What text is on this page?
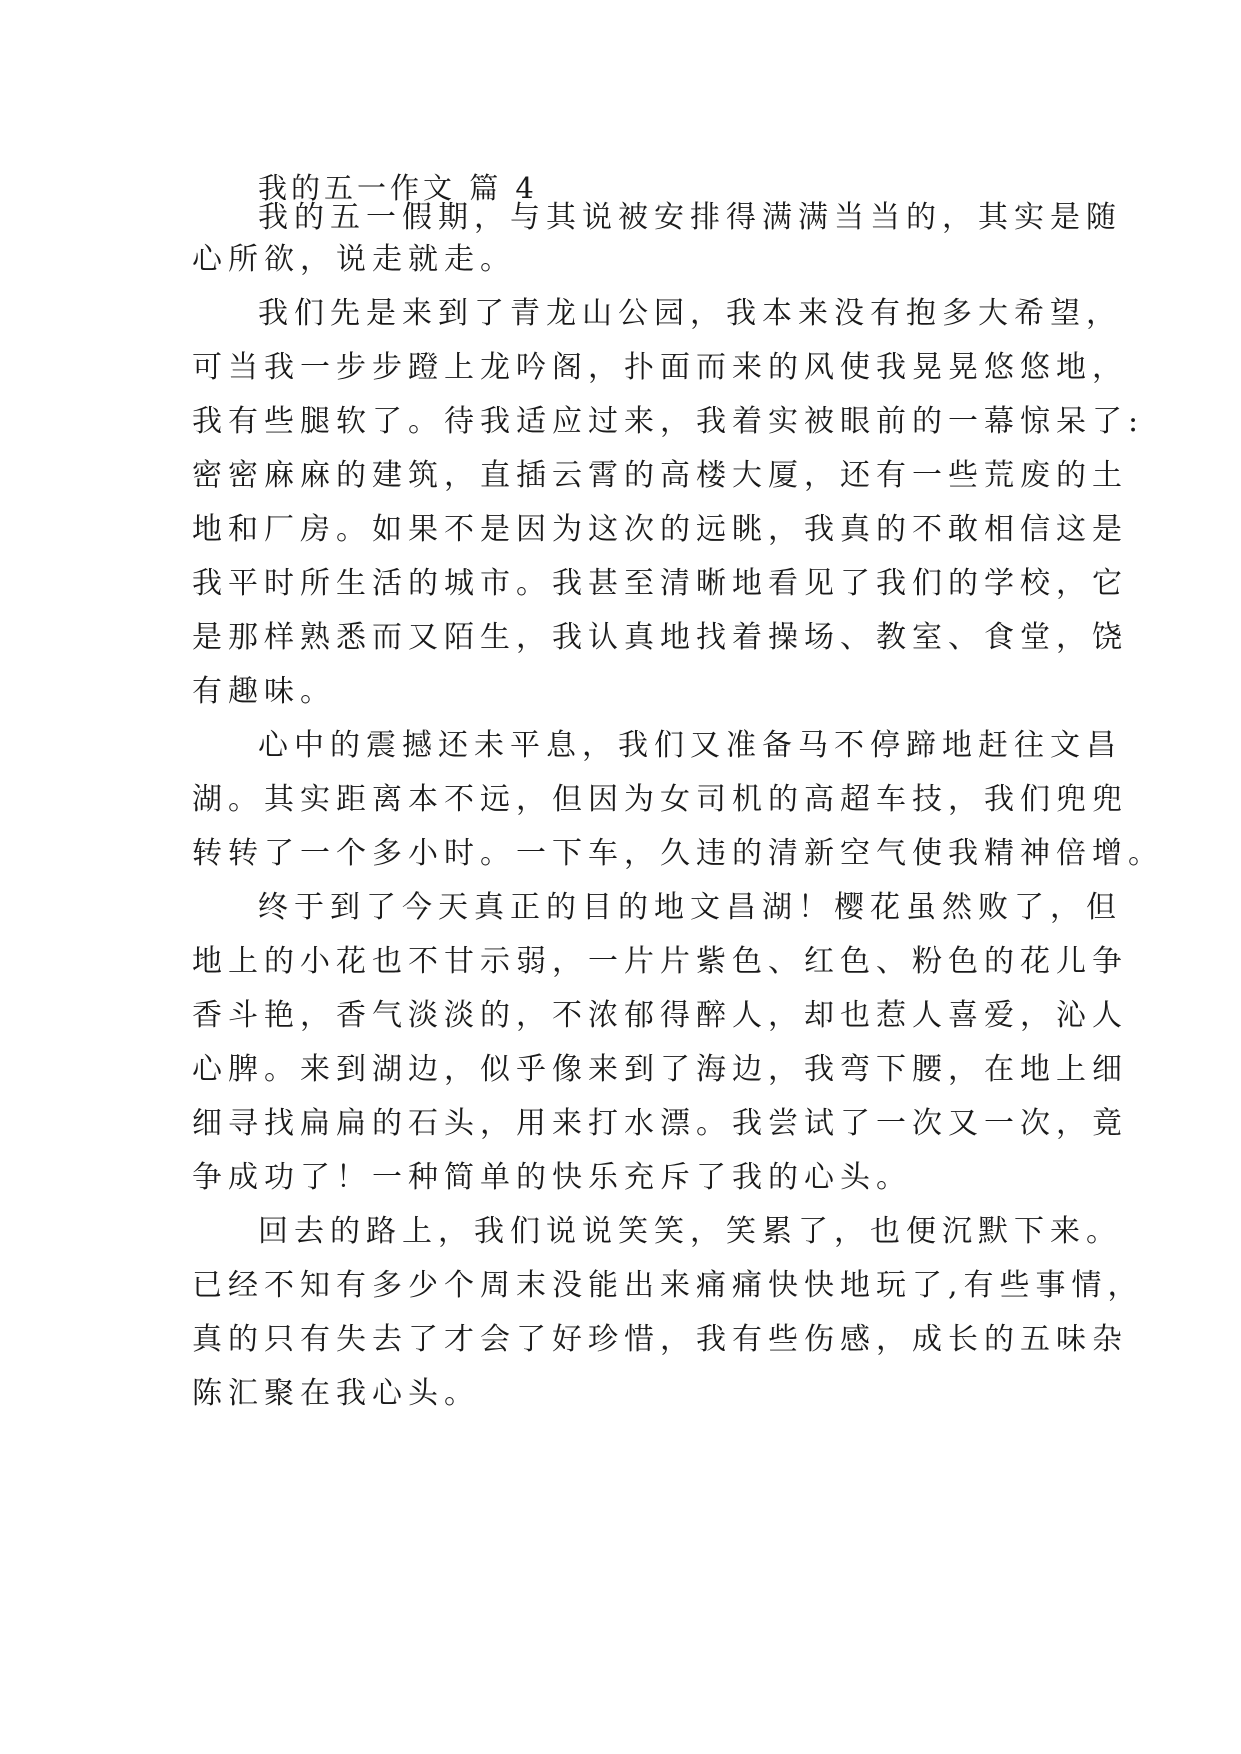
我的五一作文 篇 4
我的五一假期，与其说被安排得满满当当的，其实是随
心所欲，说走就走。
我们先是来到了青龙山公园，我本来没有抱多大希望，
可当我一步步蹬上龙吟阁，扑面而来的风使我晃晃悠悠地，
我有些腿软了。待我适应过来，我着实被眼前的一幕惊呆了:
密密麻麻的建筑，直插云霄的高楼大厦，还有一些荒废的土
地和厂房。如果不是因为这次的远眺，我真的不敢相信这是
我平时所生活的城市。我甚至清晰地看见了我们的学校，它
是那样熟悉而又陌生，我认真地找着操场、教室、食堂，饶
有趣味。
心中的震撼还未平息，我们又准备马不停蹄地赶往文昌
湖。其实距离本不远，但因为女司机的高超车技，我们兜兜
转转了一个多小时。一下车，久违的清新空气使我精神倍增。
终于到了今天真正的目的地文昌湖！樱花虽然败了，但
地上的小花也不甘示弱，一片片紫色、红色、粉色的花儿争
香斗艳，香气淡淡的，不浓郁得醉人，却也惹人喜爱，沁人
心脾。来到湖边，似乎像来到了海边，我弯下腰，在地上细
细寻找扁扁的石头，用来打水漂。我尝试了一次又一次，竟
争成功了！一种简单的快乐充斥了我的心头。
回去的路上，我们说说笑笑，笑累了，也便沉默下来。
已经不知有多少个周末没能出来痛痛快快地玩了,有些事情，
真的只有失去了才会了好珍惜，我有些伤感，成长的五味杂
陈汇聚在我心头。
